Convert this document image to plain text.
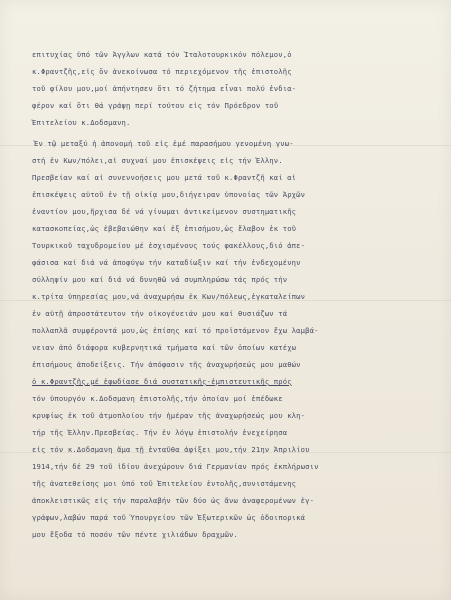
επιτυχίας ὑπό τῶν Ἀγγλων κατά τόν Ἰταλοτουρκικόν πόλεμον,ὁ
κ.Φραντζῆς,εἰς ὅν ἀνεκοίνωσα τό περιεχόμενον τῆς ἐπιστολῆς
τοῦ φίλου μου,μοί ἀπήντησεν ὅτι τό ζήτημα εἶναι πολύ ἐνδια-
φέρον καί ὅτι θά γράψῃ περί τούτου εἰς τόν Πρόεδρον τοῦ
Ἐπιτελείου κ.Δοδσμανη.
Ἐν τῷ μεταξύ ἡ ἀπονομή τοῦ εἰς ἐμέ παρασήμου γενομένη γνω-
στή ἐν Κων/πόλει,αἱ συχναί μου ἐπισκέψεις εἰς τήν Ἑλλην.
Πρεσβείαν καί αἱ συνεννοήσεις μου μετά τοῦ κ.Φραντζῆ καί αἱ
ἐπισκέψεις αὐτοῦ ἐν τῇ οἰκίᾳ μου,διήγειραν ὑπονοίας τῶν Ἀρχῶν
ἐναντίον μου,ἤρχισα δέ νά γίνωμαι ἀντικείμενον συστηματικῆς
κατασκοπείας,ὡς ἐβεβαιώθην καί ἐξ ἐπισήμου,ὡς ἔλαβον ἐκ τοῦ
Τουρκικοῦ ταχυδρομείου μέ ἐσχισμένους τούς φακέλλους,διό ἀπε-
φάσισα καί διά νά ἀποφύγω τήν καταδίωξιν καί τήν ἐνδεχομένην
σύλληψίν μου καί διά νά δυνηθῶ νά συμπληρώσω τάς πρός τήν
κ.τρίτα ὑπηρεσίας μου,νά ἀναχωρήσω ἐκ Κων/πόλεως,ἐγκαταλείπων
ἐν αὐτῇ ἀπροστάτευτον τήν οἰκογένειάν μου καί θυσιάζων τά
πολλαπλᾶ συμφέροντά μου,ὡς ἐπίσης καί τό προϊστάμενον ἔχω λαμβά-
νειαν ἀπό διάφορα κυβερνητικά τμήματα καί τῶν ὁποίων κατέχω
ἐπισήμους ἀποδείξεις. Τήν ἀπόφασιν τῆς ἀναχωρήσεώς μου μαθών
ὁ κ.Φραντζῆς,μέ ἐφωδίασε διά συστατικῆς-ἐμπιστευτικῆς πρός
τόν ὑπουργόν κ.Δοδσμανη ἐπιστολῆς,τήν ὁποίαν μοί ἐπέδωκε
κρυφίως ἐκ τοῦ ἀτμοπλοίου τήν ἡμέραν τῆς ἀναχωρήσεώς μου κλη-
τήρ τῆς Ἑλλην.Πρεσβείας. Τήν ἐν λόγῳ ἐπιστολήν ἐνεχείρησα
εἰς τόν κ.Δοδσμανη ἅμα τῇ ἐνταῦθα ἀφίξει μου,τήν 21ην Ἀπριλίου
1914,τήν δέ 29 τοῦ ἰδίου ἀνεχώρουν διά Γερμανίαν πρός ἐκπλήρωσιν
τῆς ἀνατεθείσης μοι ὑπό τοῦ Ἐπιτελείου ἐντολῆς,συνιστάμενης
ἀποκλειστικῶς εἰς τήν παραλαβήν τῶν δύο ὡς ἄνω ἀναφερομένων ἐγ-
γράφων,λαβών παρά τοῦ Ὑπουργείου τῶν Ἐξωτερικῶν ὡς ὁδοιπορικά
μου ἔξοδα τό ποσόν τῶν πέντε χιλιάδων δραχμῶν.
